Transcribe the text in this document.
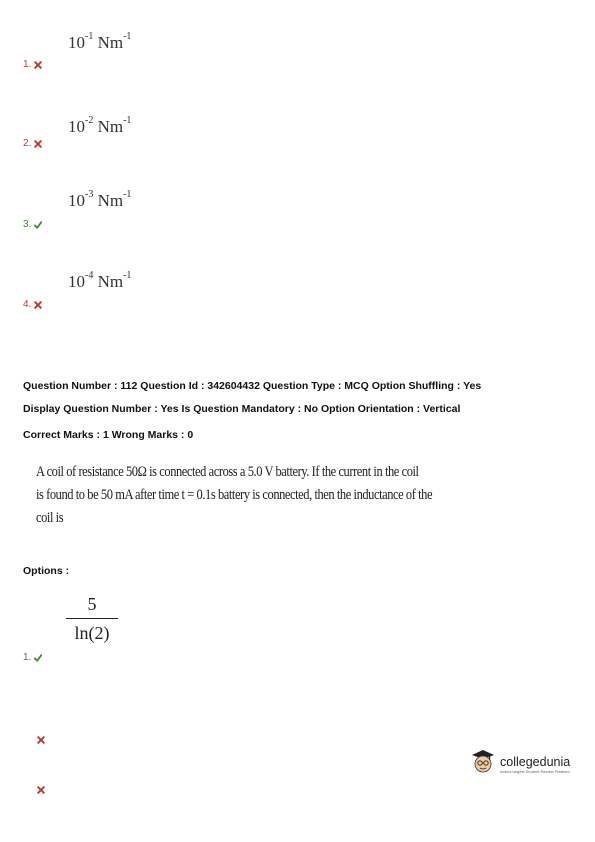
$10^{-1}$ $Nm^{-1}$
1.
$10^{-2}$ $Nm^{-1}$
2.
$10^{-3}$ $Nm^{-1}$
3.
$10^{-4}$ $Nm^{-1}$
4.
Question Number : 112 Question Id : 342604432 Question Type : MCQ Option Shuffling : Yes
Display Question Number : Yes Is Question Mandatory : No Option Orientation : Vertical
Correct Marks : 1 Wrong Marks : 0
A coil of resistance 50Ω is connected across a 5.0 V battery. If the current in the coil
is found to be 50 mA after time t = 0.1s battery is connected, then the inductance of the
coil is
Options :
5
ln(2)
1.
collegedunia
India's largest Student Review Platform
